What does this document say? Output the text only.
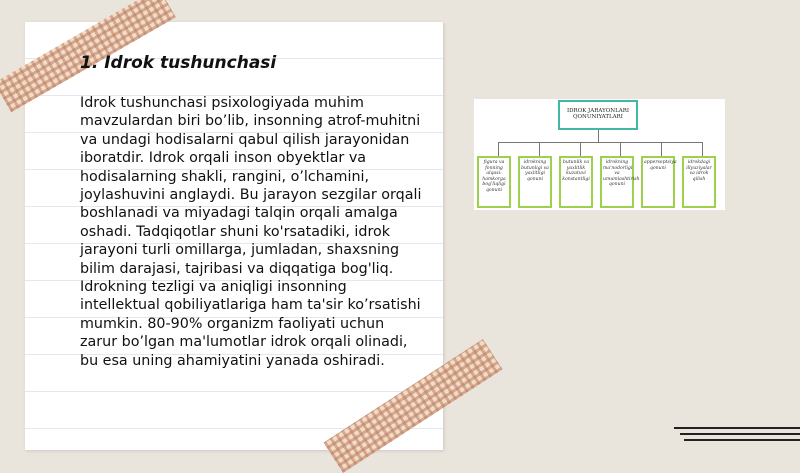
1. Idrok tushunchasi

Idrok tushunchasi psixologiyada muhim mavzulardan biri bo’lib, insonning atrof-muhitni va undagi hodisalarni qabul qilish jarayonidan iboratdir. Idrok orqali inson obyektlar va hodisalarning shakli, rangini, o’lchamini, joylashuvini anglaydi. Bu jarayon sezgilar orqali boshlanadi va miyadagi talqin orqali amalga oshadi. Tadqiqotlar shuni ko'rsatadiki, idrok jarayoni turli omillarga, jumladan, shaxsning bilim darajasi, tajribasi va diqqatiga bog'liq. Idrokning tezligi va aniqligi insonning intellektual qobiliyatlariga ham ta'sir ko’rsatishi mumkin. 80-90% organizm faoliyati uchun zarur bo’lgan ma'lumotlar idrok orqali olinadi, bu esa uning ahamiyatini yanada oshiradi.

IDROK JARAYONLARI QONUNIYATLARI
figura va fonning alqasi: hamkorga bog'liqligi qonuni
idrokning butunligi va yaxlitligi qonuni
butunlik va yaxlitlik kuzatuvi konstantligi
idrokning ma'nodorligi va umumlashtirish qonuni
apperseptsiya qonuni
idrokdagi illyuziyalar va idrok qilish
